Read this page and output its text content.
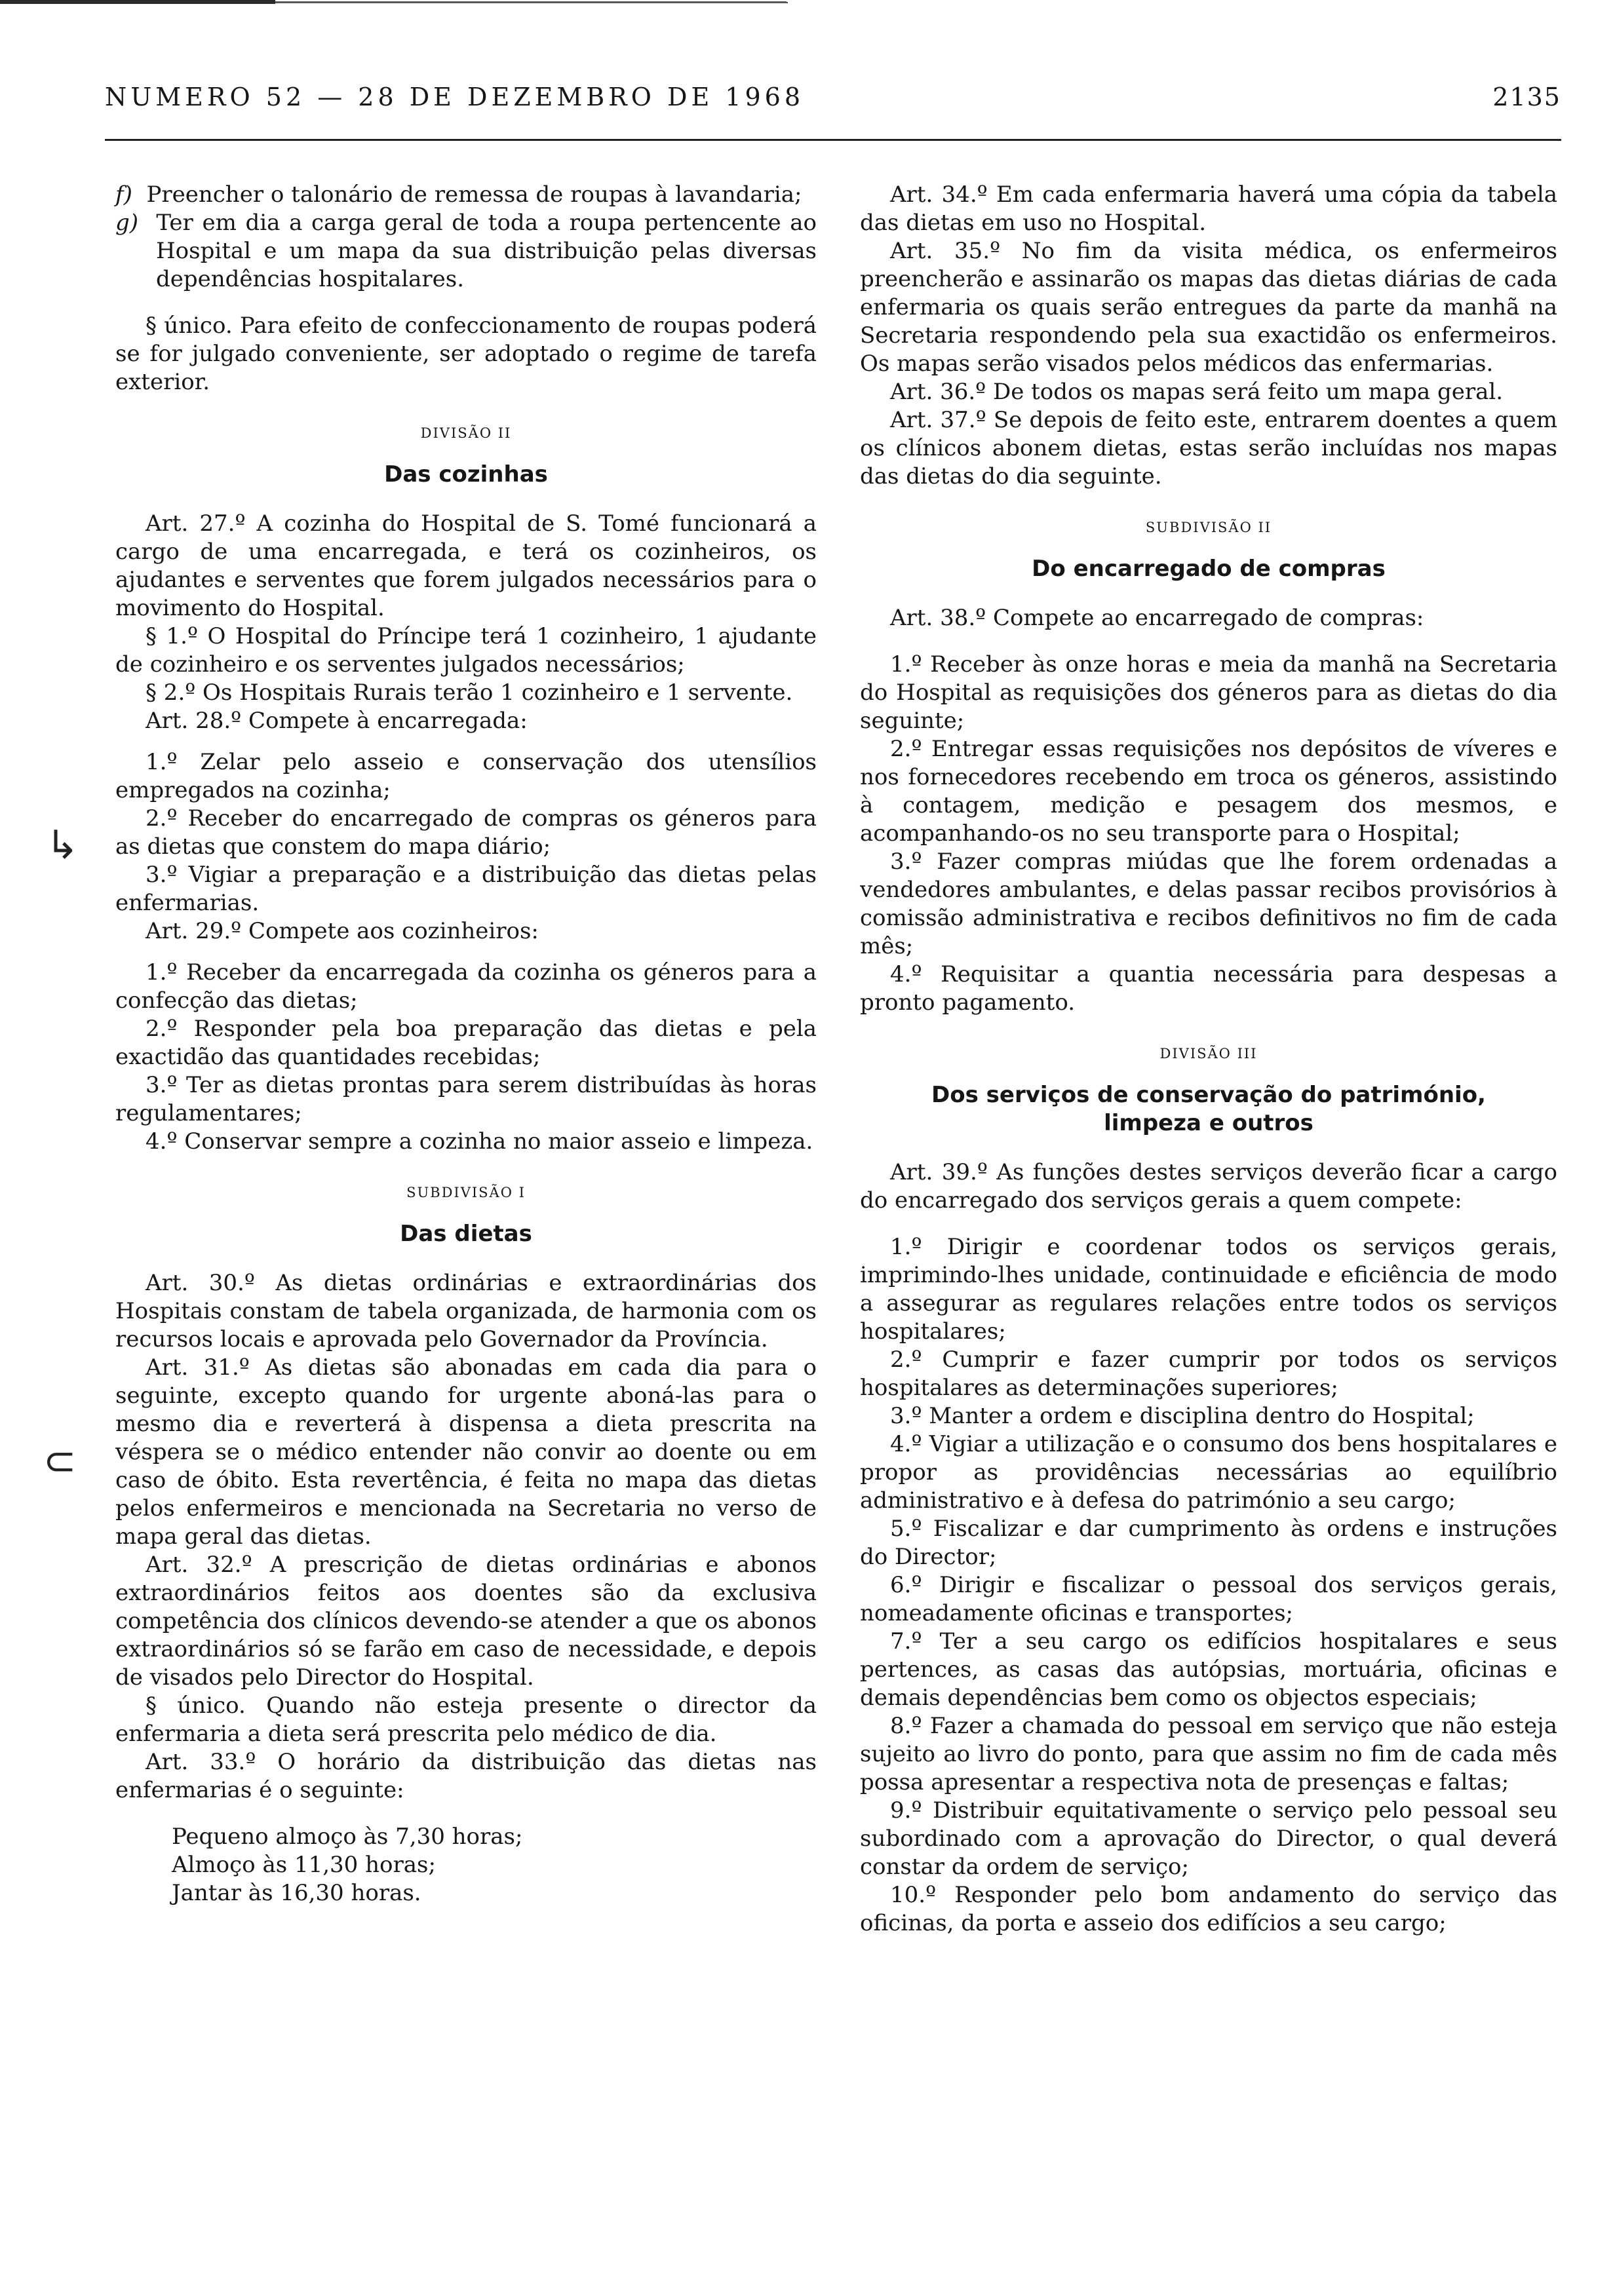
NUMERO 52 — 28 DE DEZEMBRO DE 1968	2135
↳
⊂

f) Preencher o talonário de remessa de roupas à lavandaria;

g) Ter em dia a carga geral de toda a roupa pertencente ao Hospital e um mapa da sua distribuição pelas diversas dependências hospitalares.

§ único. Para efeito de confeccionamento de roupas poderá se for julgado conveniente, ser adoptado o regime de tarefa exterior.

DIVISÃO II
Das cozinhas

Art. 27.º A cozinha do Hospital de S. Tomé funcionará a cargo de uma encarregada, e terá os cozinheiros, os ajudantes e serventes que forem julgados necessários para o movimento do Hospital.

§ 1.º O Hospital do Príncipe terá 1 cozinheiro, 1 ajudante de cozinheiro e os serventes julgados necessários;

§ 2.º Os Hospitais Rurais terão 1 cozinheiro e 1 servente.

Art. 28.º Compete à encarregada:

1.º Zelar pelo asseio e conservação dos utensílios empregados na cozinha;

2.º Receber do encarregado de compras os géneros para as dietas que constem do mapa diário;

3.º Vigiar a preparação e a distribuição das dietas pelas enfermarias.

Art. 29.º Compete aos cozinheiros:

1.º Receber da encarregada da cozinha os géneros para a confecção das dietas;

2.º Responder pela boa preparação das dietas e pela exactidão das quantidades recebidas;

3.º Ter as dietas prontas para serem distribuídas às horas regulamentares;

4.º Conservar sempre a cozinha no maior asseio e limpeza.

SUBDIVISÃO I
Das dietas

Art. 30.º As dietas ordinárias e extraordinárias dos Hospitais constam de tabela organizada, de harmonia com os recursos locais e aprovada pelo Governador da Província.

Art. 31.º As dietas são abonadas em cada dia para o seguinte, excepto quando for urgente aboná-las para o mesmo dia e reverterá à dispensa a dieta prescrita na véspera se o médico entender não convir ao doente ou em caso de óbito. Esta revertência, é feita no mapa das dietas pelos enfermeiros e mencionada na Secretaria no verso de mapa geral das dietas.

Art. 32.º A prescrição de dietas ordinárias e abonos extraordinários feitos aos doentes são da exclusiva competência dos clínicos devendo-se atender a que os abonos extraordinários só se farão em caso de necessidade, e depois de visados pelo Director do Hospital.

§ único. Quando não esteja presente o director da enfermaria a dieta será prescrita pelo médico de dia.

Art. 33.º O horário da distribuição das dietas nas enfermarias é o seguinte:

Pequeno almoço às 7,30 horas;

Almoço às 11,30 horas;

Jantar às 16,30 horas.

Art. 34.º Em cada enfermaria haverá uma cópia da tabela das dietas em uso no Hospital.

Art. 35.º No fim da visita médica, os enfermeiros preencherão e assinarão os mapas das dietas diárias de cada enfermaria os quais serão entregues da parte da manhã na Secretaria respondendo pela sua exactidão os enfermeiros. Os mapas serão visados pelos médicos das enfermarias.

Art. 36.º De todos os mapas será feito um mapa geral.

Art. 37.º Se depois de feito este, entrarem doentes a quem os clínicos abonem dietas, estas serão incluídas nos mapas das dietas do dia seguinte.

SUBDIVISÃO II
Do encarregado de compras

Art. 38.º Compete ao encarregado de compras:

1.º Receber às onze horas e meia da manhã na Secretaria do Hospital as requisições dos géneros para as dietas do dia seguinte;

2.º Entregar essas requisições nos depósitos de víveres e nos fornecedores recebendo em troca os géneros, assistindo à contagem, medição e pesagem dos mesmos, e acompanhando-os no seu transporte para o Hospital;

3.º Fazer compras miúdas que lhe forem ordenadas a vendedores ambulantes, e delas passar recibos provisórios à comissão administrativa e recibos definitivos no fim de cada mês;

4.º Requisitar a quantia necessária para despesas a pronto pagamento.

DIVISÃO III
Dos serviços de conservação do património,
limpeza e outros

Art. 39.º As funções destes serviços deverão ficar a cargo do encarregado dos serviços gerais a quem compete:

1.º Dirigir e coordenar todos os serviços gerais, imprimindo-lhes unidade, continuidade e eficiência de modo a assegurar as regulares relações entre todos os serviços hospitalares;

2.º Cumprir e fazer cumprir por todos os serviços hospitalares as determinações superiores;

3.º Manter a ordem e disciplina dentro do Hospital;

4.º Vigiar a utilização e o consumo dos bens hospitalares e propor as providências necessárias ao equilíbrio administrativo e à defesa do património a seu cargo;

5.º Fiscalizar e dar cumprimento às ordens e instruções do Director;

6.º Dirigir e fiscalizar o pessoal dos serviços gerais, nomeadamente oficinas e transportes;

7.º Ter a seu cargo os edifícios hospitalares e seus pertences, as casas das autópsias, mortuária, oficinas e demais dependências bem como os objectos especiais;

8.º Fazer a chamada do pessoal em serviço que não esteja sujeito ao livro do ponto, para que assim no fim de cada mês possa apresentar a respectiva nota de presenças e faltas;

9.º Distribuir equitativamente o serviço pelo pessoal seu subordinado com a aprovação do Director, o qual deverá constar da ordem de serviço;

10.º Responder pelo bom andamento do serviço das oficinas, da porta e asseio dos edifícios a seu cargo;
